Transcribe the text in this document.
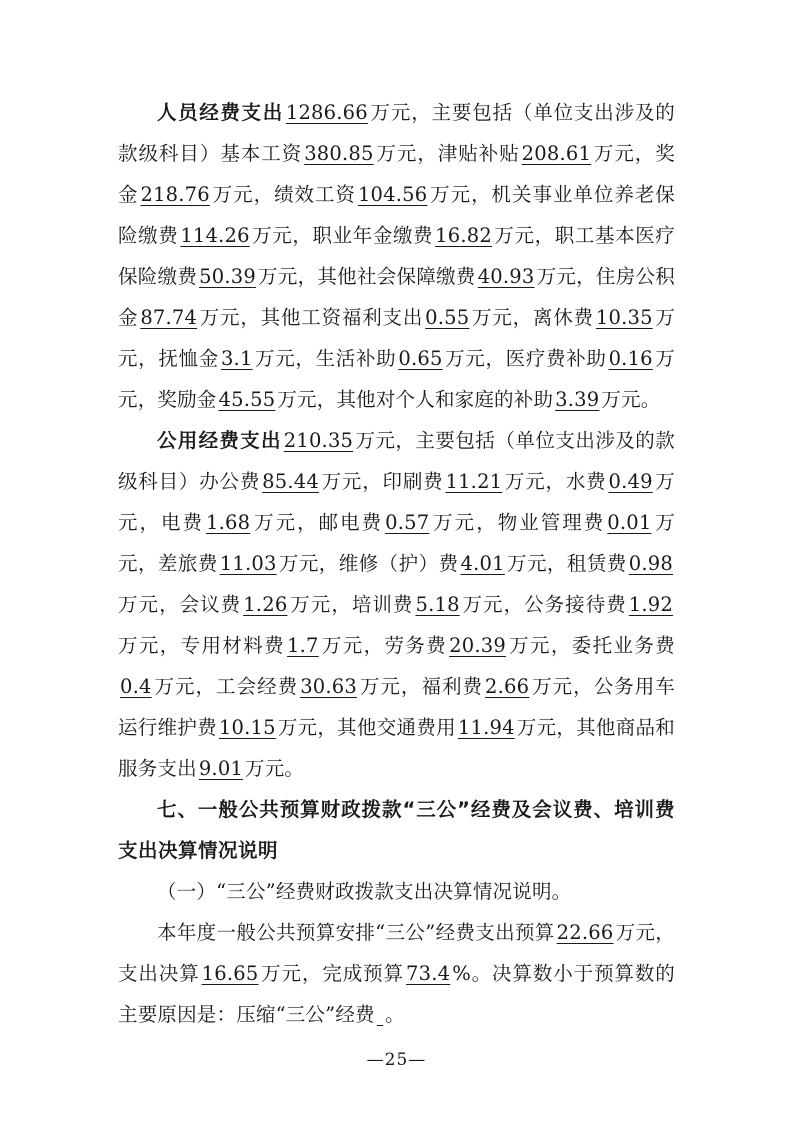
人员经费支出 1286.66 万元，主要包括（单位支出涉及的款级科目）基本工资 380.85 万元，津贴补贴 208.61 万元，奖金 218.76 万元，绩效工资 104.56 万元，机关事业单位养老保险缴费 114.26 万元，职业年金缴费 16.82 万元，职工基本医疗保险缴费 50.39 万元，其他社会保障缴费 40.93 万元，住房公积金 87.74 万元，其他工资福利支出 0.55 万元，离休费 10.35 万元，抚恤金 3.1 万元，生活补助 0.65 万元，医疗费补助 0.16 万元，奖励金 45.55 万元，其他对个人和家庭的补助 3.39 万元。

公用经费支出 210.35 万元，主要包括（单位支出涉及的款级科目）办公费 85.44 万元，印刷费 11.21 万元，水费 0.49 万元，电费 1.68 万元，邮电费 0.57 万元，物业管理费 0.01 万元，差旅费 11.03 万元，维修（护）费 4.01 万元，租赁费 0.98万元，会议费 1.26 万元，培训费 5.18 万元，公务接待费 1.92万元，专用材料费 1.7 万元，劳务费 20.39 万元，委托业务费0.4 万元，工会经费 30.63 万元，福利费 2.66 万元，公务用车运行维护费 10.15 万元，其他交通费用 11.94 万元，其他商品和服务支出 9.01 万元。

七、一般公共预算财政拨款“三公”经费及会议费、培训费支出决算情况说明

（一）“三公”经费财政拨款支出决算情况说明。

本年度一般公共预算安排“三公”经费支出预算 22.66 万元，支出决算 16.65 万元，完成预算 73.4 %。决算数小于预算数的主要原因是：压缩“三公”经费 。

—25—
